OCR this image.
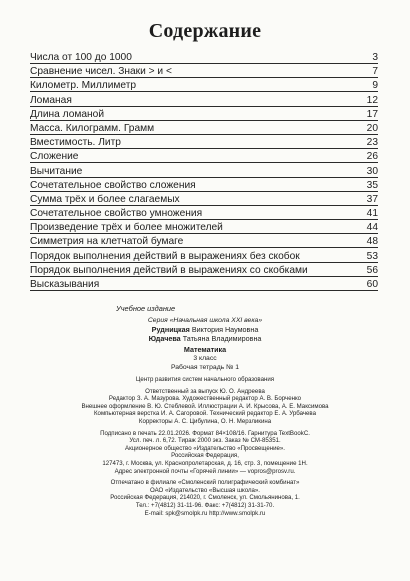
Содержание
Числа от 100 до 1000	3
Сравнение чисел. Знаки > и <	7
Километр. Миллиметр	9
Ломаная	12
Длина ломаной	17
Масса. Килограмм. Грамм	20
Вместимость. Литр	23
Сложение	26
Вычитание	30
Сочетательное свойство сложения	35
Сумма трёх и более слагаемых	37
Сочетательное свойство умножения	41
Произведение трёх и более множителей	44
Симметрия на клетчатой бумаге	48
Порядок выполнения действий в выражениях без скобок	53
Порядок выполнения действий в выражениях со скобками	56
Высказывания	60
Учебное издание
Серия «Начальная школа XXI века»
Рудницкая Виктория Наумовна
Юдачева Татьяна Владимировна
Математика
3 класс
Рабочая тетрадь № 1
Центр развития систем начального образования
Ответственный за выпуск Ю. О. Андреева
Редактор З. А. Мазурова. Художественный редактор А. В. Борченко
Внешнее оформление В. Ю. Стеблевой. Иллюстрации А. И. Крысова, А. Е. Максимова
Компьютерная верстка И. А. Сагоровой. Технический редактор Е. А. Урбачева
Корректоры А. С. Цибулина, О. Н. Мерзликина
Подписано в печать 22.01.2026. Формат 84×108/16. Гарнитура TextBookC.
Усл. печ. л. 6,72. Тираж 2000 экз. Заказ № СМ-85351.
Акционерное общество «Издательство «Просвещение».
Российская Федерация,
127473, г. Москва, ул. Краснопролетарская, д. 16, стр. 3, помещение 1Н.
Адрес электронной почты «Горячей линии» — vopros@prosv.ru.
Отпечатано в филиале «Смоленский полиграфический комбинат»
ОАО «Издательство «Высшая школа».
Российская Федерация, 214020, г. Смоленск, ул. Смольянинова, 1.
Тел.: +7(4812) 31-11-96. Факс: +7(4812) 31-31-70.
E-mail: spk@smolpk.ru http://www.smolpk.ru
